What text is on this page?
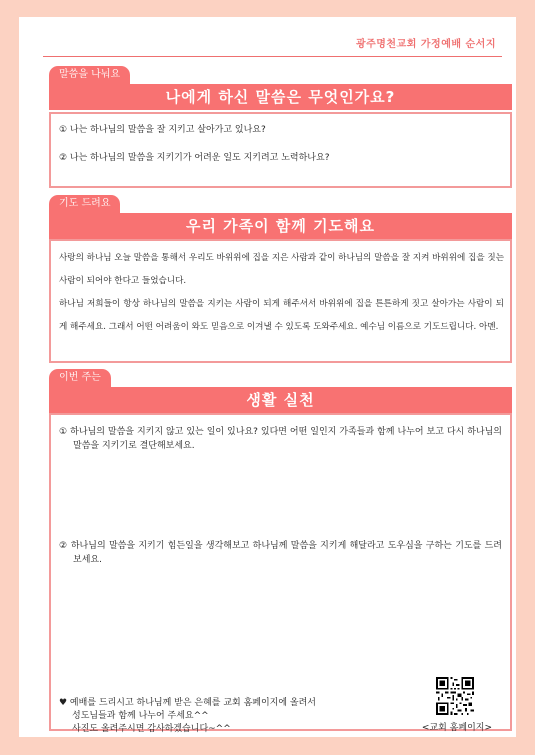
광주명천교회 가정예배 순서지
말씀을 나눠요
나에게 하신 말씀은 무엇인가요?
① 나는 하나님의 말씀을 잘 지키고 살아가고 있나요?
② 나는 하나님의 말씀을 지키기가 어려운 일도 지키려고 노력하나요?
기도 드려요
우리 가족이 함께 기도해요

사랑의 하나님 오늘 말씀을 통해서 우리도 바위위에 집을 지은 사람과 같이 하나님의 말씀을 잘 지켜 바위위에 집을 짓는 사람이 되어야 한다고 들었습니다.

하나님 저희들이 항상 하나님의 말씀을 지키는 사람이 되게 해주셔서 바위위에 집을 튼튼하게 짓고 살아가는 사람이 되게 해주세요. 그래서 어떤 어려움이 와도 믿음으로 이겨낼 수 있도록 도와주세요. 예수님 이름으로 기도드립니다. 아멘.

이번 주는
생활 실천
① 하나님의 말씀을 지키지 않고 있는 일이 있나요? 있다면 어떤 일인지 가족들과 함께 나누어 보고 다시 하나님의 말씀을 지키기로 결단해보세요.
② 하나님의 말씀을 지키기 힘든일을 생각해보고 하나님께 말씀을 지키게 해달라고 도우심을 구하는 기도를 드려보세요.
♥ 예배를 드리시고 하나님께 받은 은혜를 교회 홈페이지에 올려서
성도님들과 함께 나누어 주세요^^
사진도 올려주시면 감사하겠습니다~^^	<교회 홈페이지>
